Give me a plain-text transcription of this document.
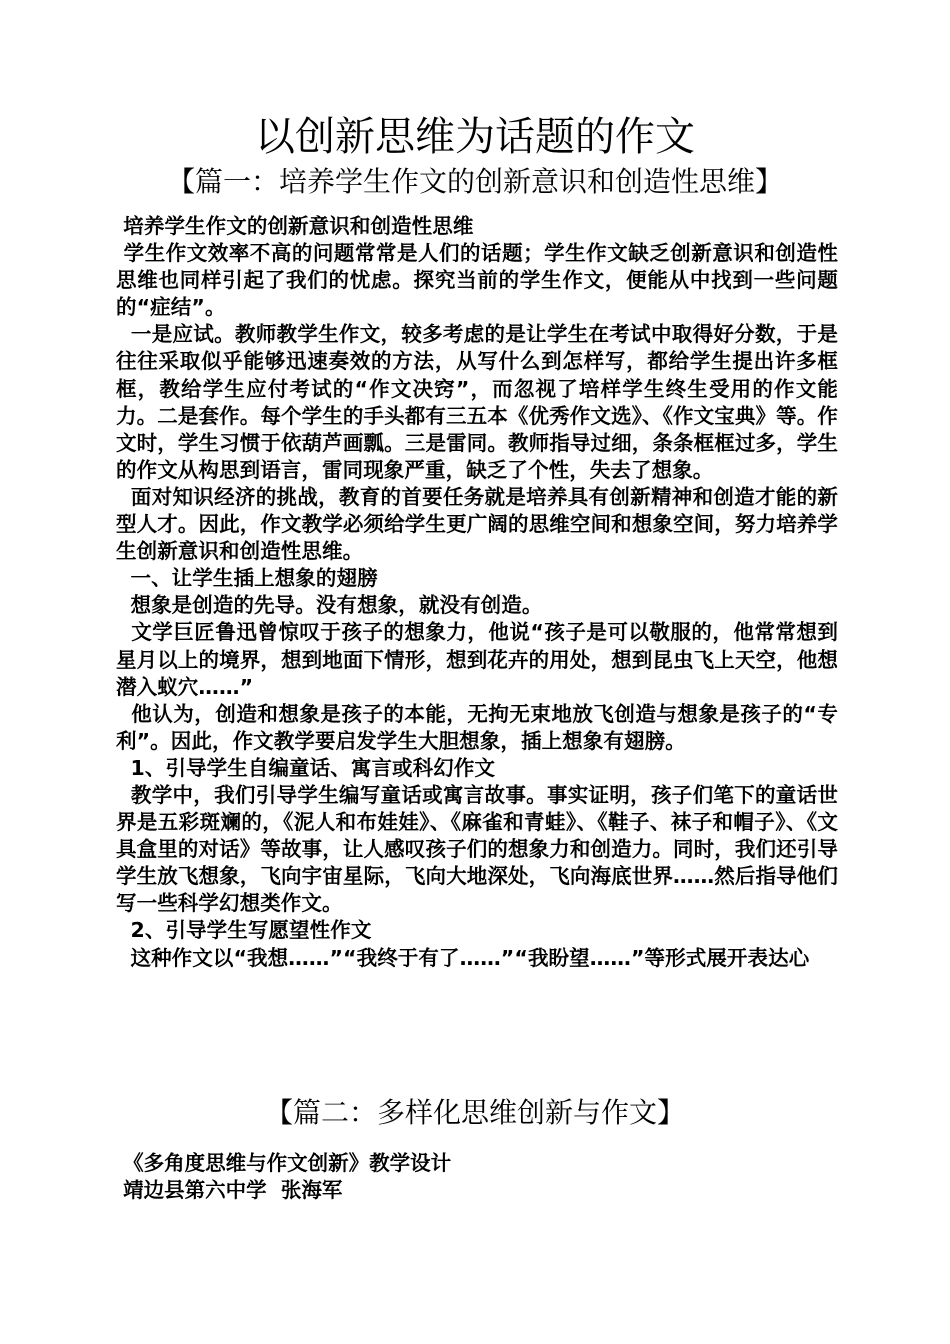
以创新思维为话题的作文
【篇一：培养学生作文的创新意识和创造性思维】

培养学生作文的创新意识和创造性思维

学生作文效率不高的问题常常是人们的话题；学生作文缺乏创新意识和创造性思维也同样引起了我们的忧虑。探究当前的学生作文，便能从中找到一些问题的“症结”。

一是应试。教师教学生作文，较多考虑的是让学生在考试中取得好分数，于是往往采取似乎能够迅速奏效的方法，从写什么到怎样写，都给学生提出许多框框，教给学生应付考试的“作文决窍”，而忽视了培样学生终生受用的作文能力。二是套作。每个学生的手头都有三五本《优秀作文选》、《作文宝典》等。作文时，学生习惯于依葫芦画瓢。三是雷同。教师指导过细，条条框框过多，学生的作文从构思到语言，雷同现象严重，缺乏了个性，失去了想象。

面对知识经济的挑战，教育的首要任务就是培养具有创新精神和创造才能的新型人才。因此，作文教学必须给学生更广阔的思维空间和想象空间，努力培养学生创新意识和创造性思维。

一、让学生插上想象的翅膀

想象是创造的先导。没有想象，就没有创造。

文学巨匠鲁迅曾惊叹于孩子的想象力，他说“孩子是可以敬服的，他常常想到星月以上的境界，想到地面下情形，想到花卉的用处，想到昆虫飞上天空，他想潜入蚁穴……”

他认为，创造和想象是孩子的本能，无拘无束地放飞创造与想象是孩子的“专利”。因此，作文教学要启发学生大胆想象，插上想象有翅膀。

1、引导学生自编童话、寓言或科幻作文

教学中，我们引导学生编写童话或寓言故事。事实证明，孩子们笔下的童话世界是五彩斑斓的，《泥人和布娃娃》、《麻雀和青蛙》、《鞋子、袜子和帽子》、《文具盒里的对话》等故事，让人感叹孩子们的想象力和创造力。同时，我们还引导学生放飞想象，飞向宇宙星际，飞向大地深处，飞向海底世界……然后指导他们写一些科学幻想类作文。

2、引导学生写愿望性作文

这种作文以“我想……”“我终于有了……”“我盼望……”等形式展开表达心

【篇二：多样化思维创新与作文】

《多角度思维与作文创新》教学设计

靖边县第六中学  张海军
